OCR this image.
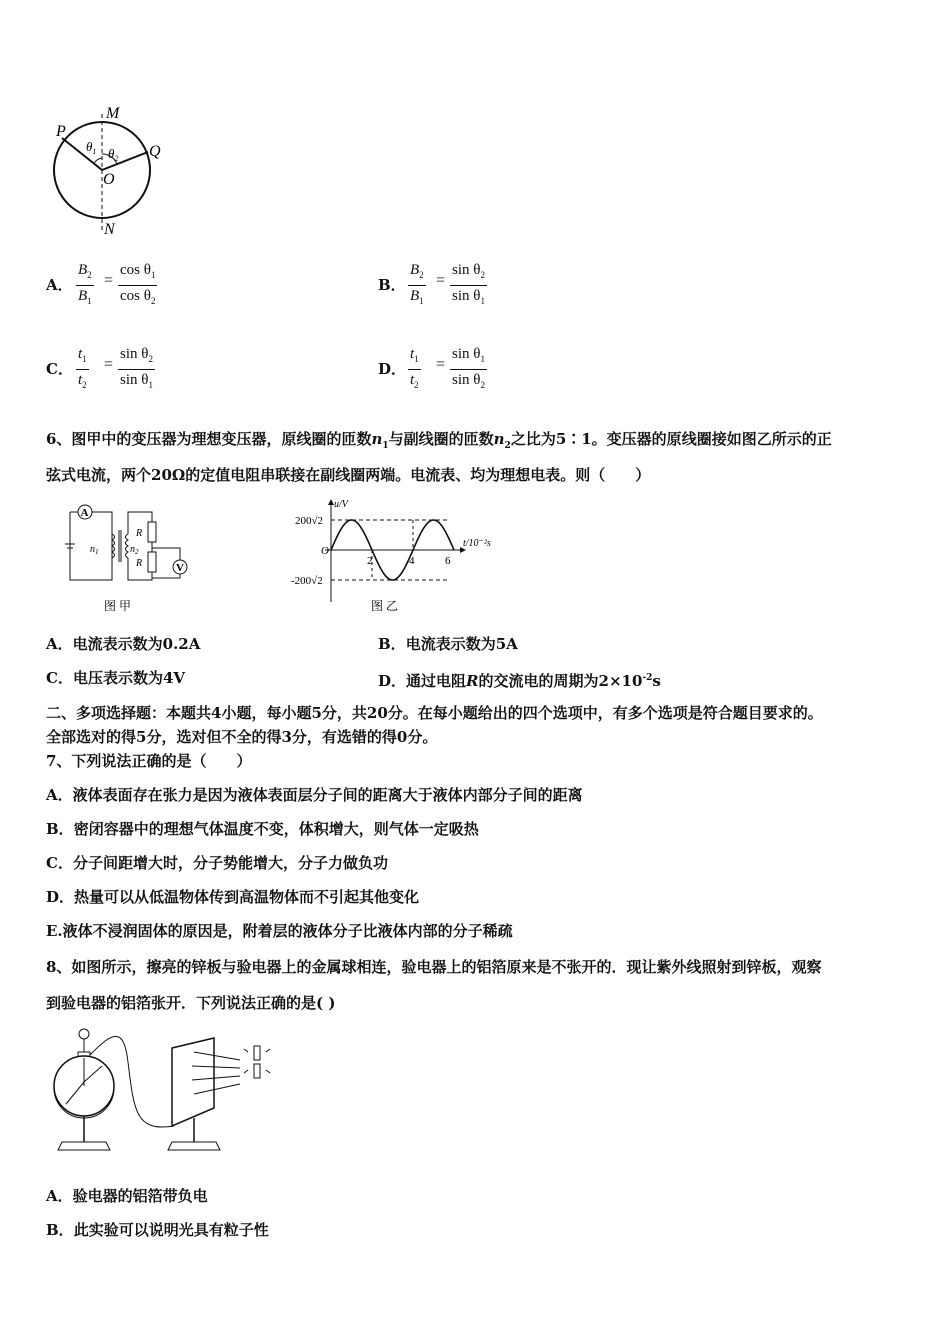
M
P
Q
O
N
$\theta_1$ $\theta_2$
A． $\frac{B_2}{B_1} = \frac{\cos \theta_1}{\cos \theta_2}$	B． $\frac{B_2}{B_1} = \frac{\sin \theta_2}{\sin \theta_1}$
C． $\frac{t_1}{t_2} = \frac{\sin \theta_2}{\sin \theta_1}$	D． $\frac{t_1}{t_2} = \frac{\sin \theta_1}{\sin \theta_2}$
6、图甲中的变压器为理想变压器，原线圈的匝数$n_1$与副线圈的匝数$n_2$之比为5∶1。变压器的原线圈接如图乙所示的正
弦式电流，两个20Ω的定值电阻串联接在副线圈两端。电流表、均为理想电表。则（　　）
A
$n_1$	$n_2$
R
R	V
图 甲
u/V
t/10⁻²s
200√2
-200√2
O
2	4	6
图 乙
A．电流表示数为0.2A	B．电流表示数为5A
C．电压表示数为4V	D．通过电阻R的交流电的周期为$2\times 10^{-2}s$
二、多项选择题：本题共4小题，每小题5分，共20分。在每小题给出的四个选项中，有多个选项是符合题目要求的。
全部选对的得5分，选对但不全的得3分，有选错的得0分。
7、下列说法正确的是（　　）
A．液体表面存在张力是因为液体表面层分子间的距离大于液体内部分子间的距离
B．密闭容器中的理想气体温度不变，体积增大，则气体一定吸热
C．分子间距增大时，分子势能增大，分子力做负功
D．热量可以从低温物体传到高温物体而不引起其他变化
E.液体不浸润固体的原因是，附着层的液体分子比液体内部的分子稀疏
8、如图所示，擦亮的锌板与验电器上的金属球相连，验电器上的铝箔原来是不张开的．现让紫外线照射到锌板，观察
到验电器的铝箔张开．下列说法正确的是( )
A．验电器的铝箔带负电
B．此实验可以说明光具有粒子性
